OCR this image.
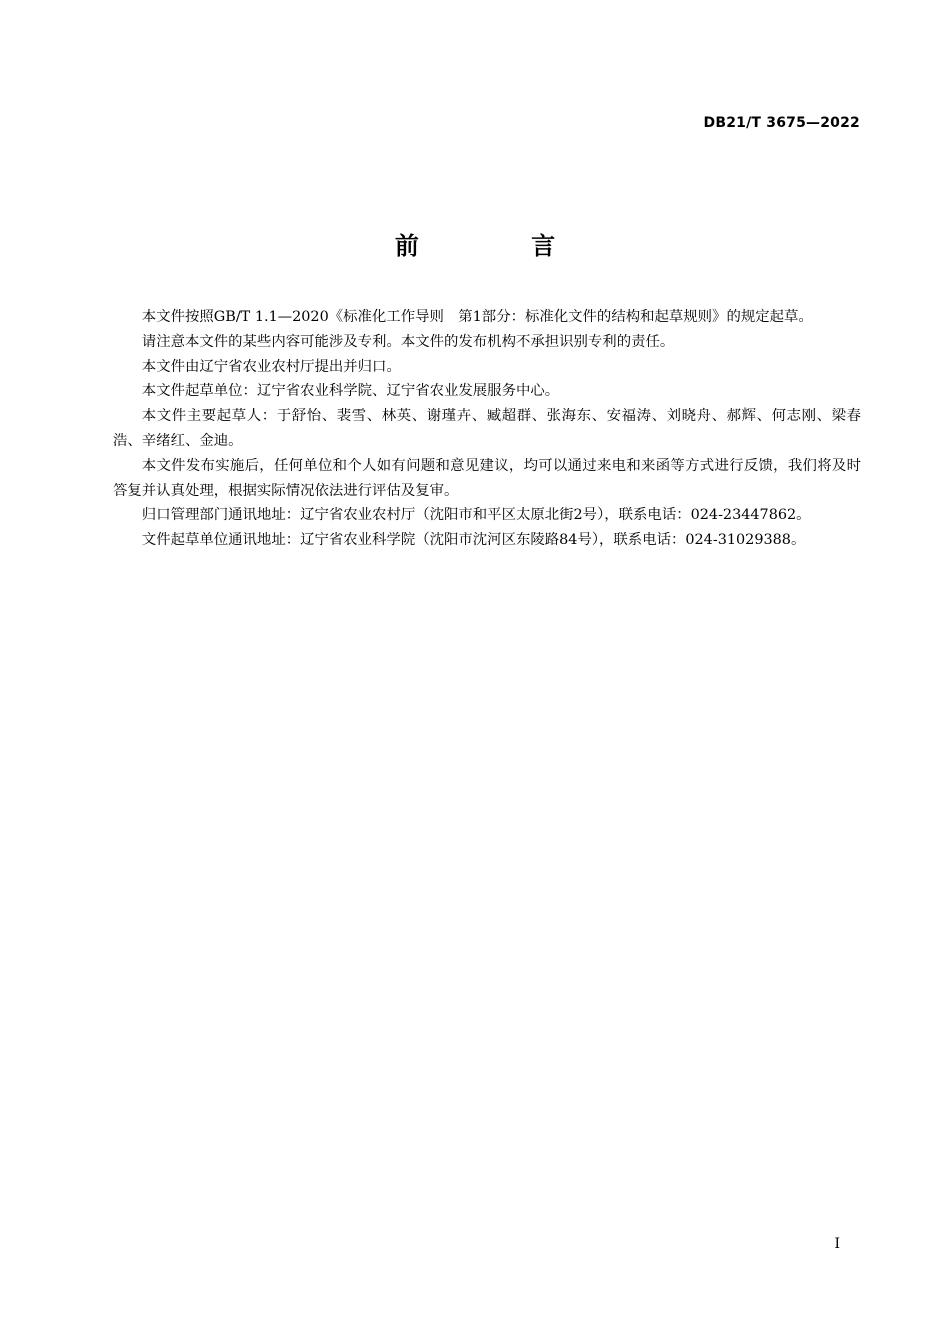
DB21/T 3675—2022
前 言

本文件按照GB/T 1.1—2020《标准化工作导则　第1部分：标准化文件的结构和起草规则》的规定起草。

请注意本文件的某些内容可能涉及专利。本文件的发布机构不承担识别专利的责任。

本文件由辽宁省农业农村厅提出并归口。

本文件起草单位：辽宁省农业科学院、辽宁省农业发展服务中心。

本文件主要起草人：于舒怡、裴雪、林英、谢瑾卉、臧超群、张海东、安福涛、刘晓舟、郝辉、何志刚、梁春浩、辛绪红、金迪。

本文件发布实施后，任何单位和个人如有问题和意见建议，均可以通过来电和来函等方式进行反馈，我们将及时答复并认真处理，根据实际情况依法进行评估及复审。

归口管理部门通讯地址：辽宁省农业农村厅（沈阳市和平区太原北街2号），联系电话：024-23447862。

文件起草单位通讯地址：辽宁省农业科学院（沈阳市沈河区东陵路84号），联系电话：024-31029388。

I
